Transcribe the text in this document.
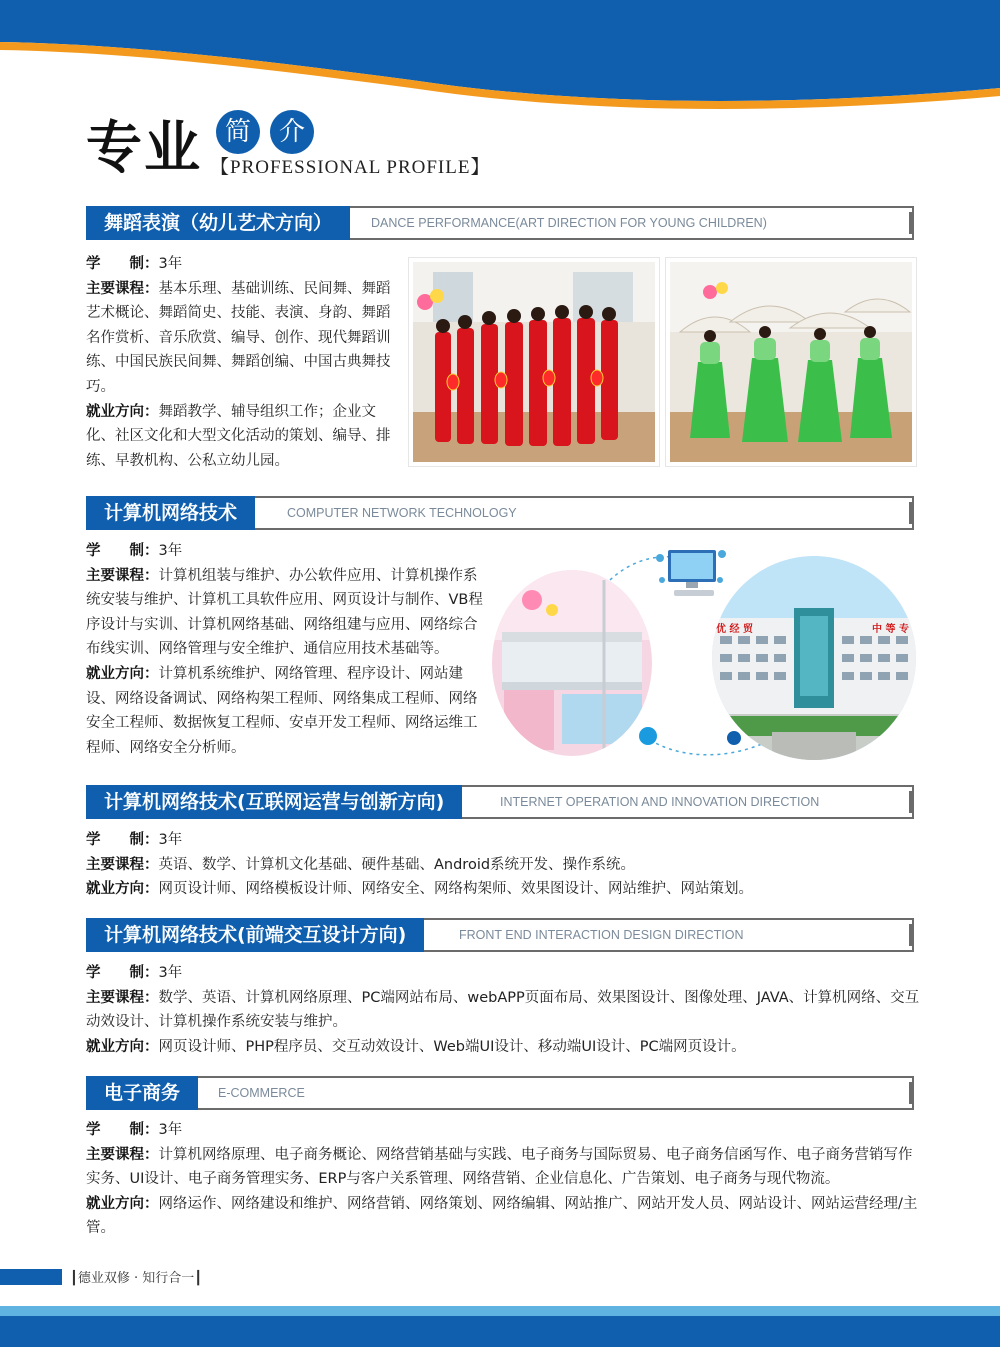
专业 简	介
【PROFESSIONAL PROFILE】
舞蹈表演（幼儿艺术方向）	DANCE PERFORMANCE(ART DIRECTION FOR YOUNG CHILDREN)

学　　制：3年

主要课程：基本乐理、基础训练、民间舞、舞蹈艺术概论、舞蹈简史、技能、表演、身韵、舞蹈名作赏析、音乐欣赏、编导、创作、现代舞蹈训练、中国民族民间舞、舞蹈创编、中国古典舞技巧。

就业方向：舞蹈教学、辅导组织工作；企业文化、社区文化和大型文化活动的策划、编导、排练、早教机构、公私立幼儿园。

计算机网络技术	COMPUTER NETWORK TECHNOLOGY

学　　制：3年

主要课程：计算机组装与维护、办公软件应用、计算机操作系统安装与维护、计算机工具软件应用、网页设计与制作、VB程序设计与实训、计算机网络基础、网络组建与应用、网络综合布线实训、网络管理与安全维护、通信应用技术基础等。

就业方向：计算机系统维护、网络管理、程序设计、网站建设、网络设备调试、网络构架工程师、网络集成工程师、网络安全工程师、数据恢复工程师、安卓开发工程师、网络运维工程师、网络安全分析师。

优 经 贸	中 等 专
计算机网络技术(互联网运营与创新方向)	INTERNET OPERATION AND INNOVATION DIRECTION

学　　制：3年

主要课程：英语、数学、计算机文化基础、硬件基础、Android系统开发、操作系统。

就业方向：网页设计师、网络模板设计师、网络安全、网络构架师、效果图设计、网站维护、网站策划。

计算机网络技术(前端交互设计方向)	FRONT END INTERACTION DESIGN DIRECTION

学　　制：3年

主要课程：数学、英语、计算机网络原理、PC端网站布局、webAPP页面布局、效果图设计、图像处理、JAVA、计算机网络、交互动效设计、计算机操作系统安装与维护。

就业方向：网页设计师、PHP程序员、交互动效设计、Web端UI设计、移动端UI设计、PC端网页设计。

电子商务	E-COMMERCE

学　　制：3年

主要课程：计算机网络原理、电子商务概论、网络营销基础与实践、电子商务与国际贸易、电子商务信函写作、电子商务营销写作实务、UI设计、电子商务管理实务、ERP与客户关系管理、网络营销、企业信息化、广告策划、电子商务与现代物流。

就业方向：网络运作、网络建设和维护、网络营销、网络策划、网络编辑、网站推广、网站开发人员、网站设计、网站运营经理/主管。

┃德业双修 · 知行合一┃
